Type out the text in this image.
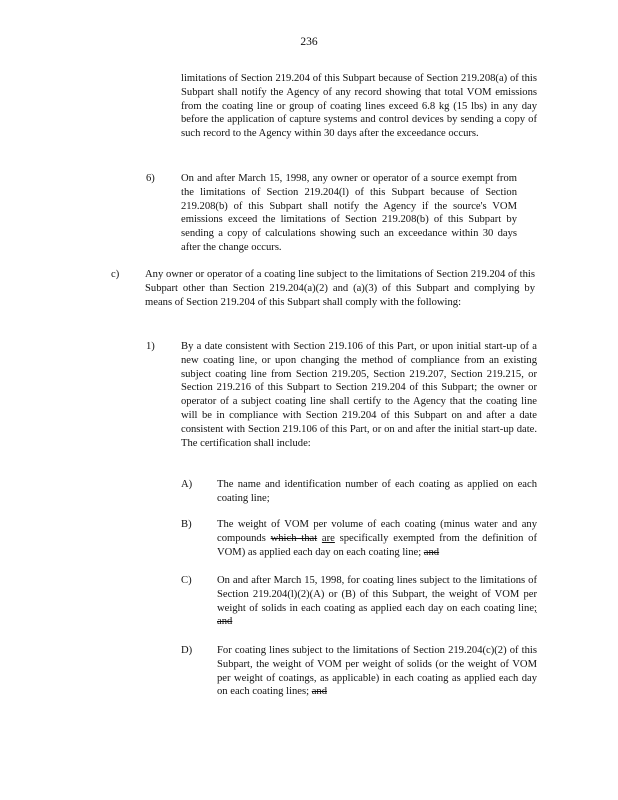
236
limitations of Section 219.204 of this Subpart because of Section 219.208(a) of this Subpart shall notify the Agency of any record showing that total VOM emissions from the coating line or group of coating lines exceed 6.8 kg (15 lbs) in any day before the application of capture systems and control devices by sending a copy of such record to the Agency within 30 days after the exceedance occurs.
6) On and after March 15, 1998, any owner or operator of a source exempt from the limitations of Section 219.204(l) of this Subpart because of Section 219.208(b) of this Subpart shall notify the Agency if the source's VOM emissions exceed the limitations of Section 219.208(b) of this Subpart by sending a copy of calculations showing such an exceedance within 30 days after the change occurs.
c) Any owner or operator of a coating line subject to the limitations of Section 219.204 of this Subpart other than Section 219.204(a)(2) and (a)(3) of this Subpart and complying by means of Section 219.204 of this Subpart shall comply with the following:
1) By a date consistent with Section 219.106 of this Part, or upon initial start-up of a new coating line, or upon changing the method of compliance from an existing subject coating line from Section 219.205, Section 219.207, Section 219.215, or Section 219.216 of this Subpart to Section 219.204 of this Subpart; the owner or operator of a subject coating line shall certify to the Agency that the coating line will be in compliance with Section 219.204 of this Subpart on and after a date consistent with Section 219.106 of this Part, or on and after the initial start-up date. The certification shall include:
A) The name and identification number of each coating as applied on each coating line;
B) The weight of VOM per volume of each coating (minus water and any compounds which that are specifically exempted from the definition of VOM) as applied each day on each coating line; and
C) On and after March 15, 1998, for coating lines subject to the limitations of Section 219.204(l)(2)(A) or (B) of this Subpart, the weight of VOM per weight of solids in each coating as applied each day on each coating line; and
D) For coating lines subject to the limitations of Section 219.204(c)(2) of this Subpart, the weight of VOM per weight of solids (or the weight of VOM per weight of coatings, as applicable) in each coating as applied each day on each coating lines; and
